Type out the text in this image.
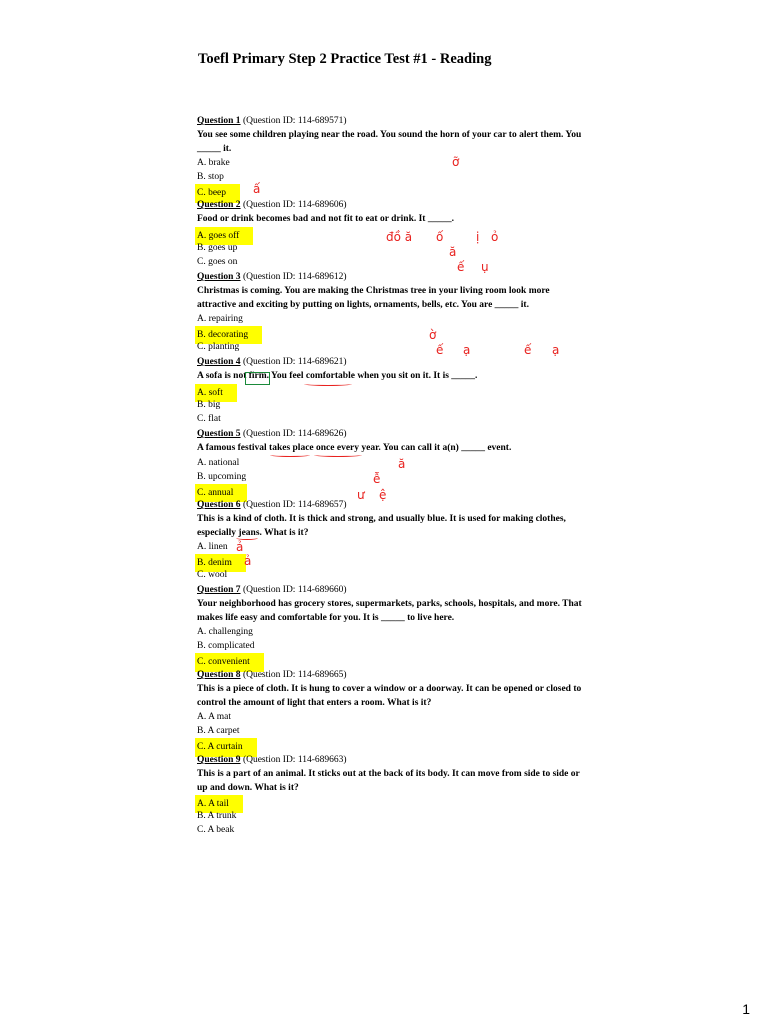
Toefl Primary Step 2 Practice Test #1 - Reading
Question 1 (Question ID: 114-689571)
You see some children playing near the road. You sound the horn of your car to alert them. You _____ it.
A. brake
B. stop
C. beep
Question 2 (Question ID: 114-689606)
Food or drink becomes bad and not fit to eat or drink. It _____.
A. goes off
B. goes up
C. goes on
Question 3 (Question ID: 114-689612)
Christmas is coming. You are making the Christmas tree in your living room look more attractive and exciting by putting on lights, ornaments, bells, etc. You are _____ it.
A. repairing
B. decorating
C. planting
Question 4 (Question ID: 114-689621)
A sofa is not firm. You feel comfortable when you sit on it. It is _____.
A. soft
B. big
C. flat
Question 5 (Question ID: 114-689626)
A famous festival takes place once every year. You can call it a(n) _____ event.
A. national
B. upcoming
C. annual
Question 6 (Question ID: 114-689657)
This is a kind of cloth. It is thick and strong, and usually blue. It is used for making clothes, especially jeans. What is it?
A. linen
B. denim
C. wool
Question 7 (Question ID: 114-689660)
Your neighborhood has grocery stores, supermarkets, parks, schools, hospitals, and more. That makes life easy and comfortable for you. It is _____ to live here.
A. challenging
B. complicated
C. convenient
Question 8 (Question ID: 114-689665)
This is a piece of cloth. It is hung to cover a window or a doorway. It can be opened or closed to control the amount of light that enters a room. What is it?
A. A mat
B. A carpet
C. A curtain
Question 9 (Question ID: 114-689663)
This is a part of an animal. It sticks out at the back of its body. It can move from side to side or up and down. What is it?
A. A tail
B. A trunk
C. A beak
ỡ
ấ
đồ ă ố	ị ỏ
ă
ế ụ
ờ
ế ạ	ế ạ
ă
ễ
ư ệ
ả
ả
1
